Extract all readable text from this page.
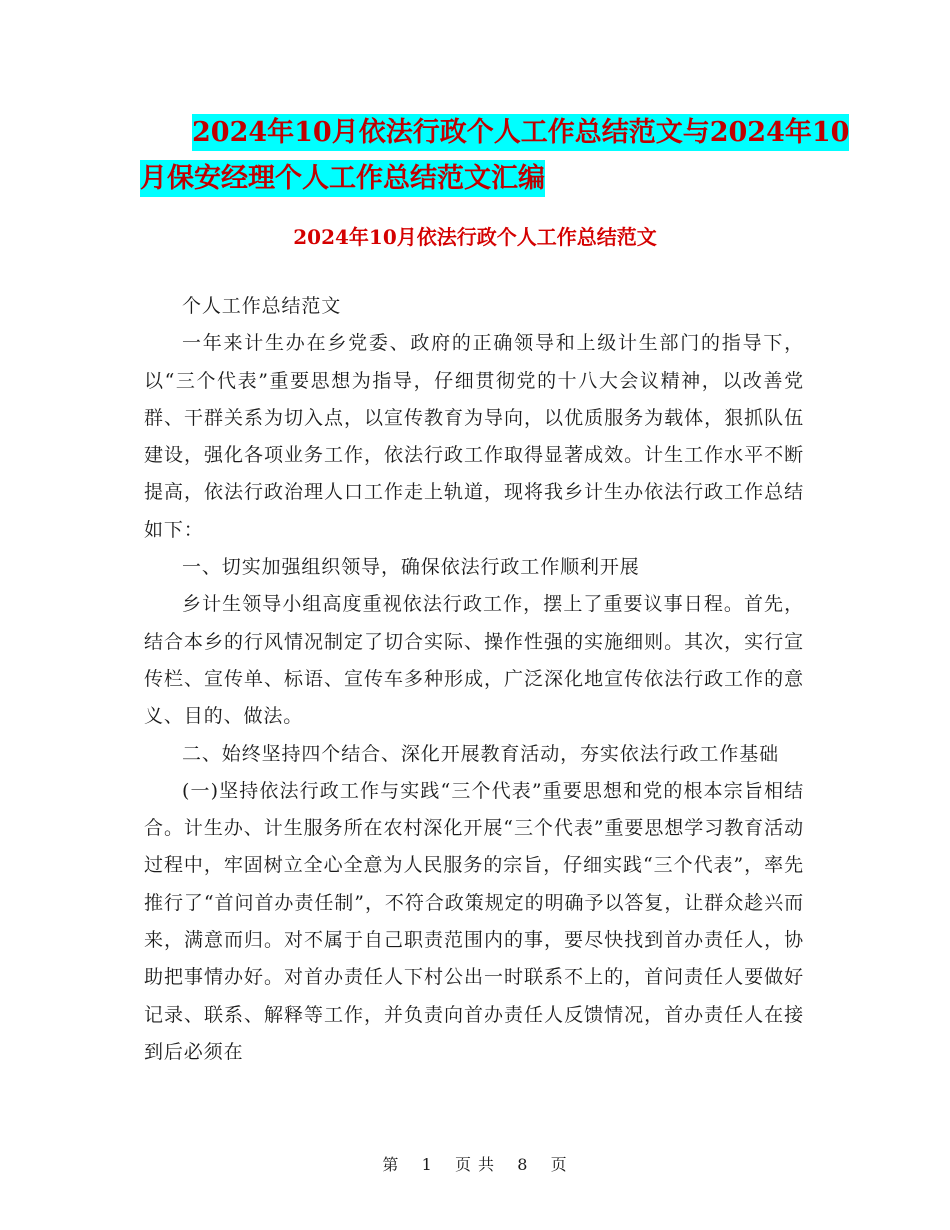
2024年10月依法行政个人工作总结范文与2024年10
月保安经理个人工作总结范文汇编
2024年10月依法行政个人工作总结范文

个人工作总结范文

一年来计生办在乡党委、政府的正确领导和上级计生部门的指导下，以“三个代表”重要思想为指导，仔细贯彻党的十八大会议精神，以改善党群、干群关系为切入点，以宣传教育为导向，以优质服务为载体，狠抓队伍建设，强化各项业务工作，依法行政工作取得显著成效。计生工作水平不断提高，依法行政治理人口工作走上轨道，现将我乡计生办依法行政工作总结如下：

一、切实加强组织领导，确保依法行政工作顺利开展

乡计生领导小组高度重视依法行政工作，摆上了重要议事日程。首先，结合本乡的行风情况制定了切合实际、操作性强的实施细则。其次，实行宣传栏、宣传单、标语、宣传车多种形成，广泛深化地宣传依法行政工作的意义、目的、做法。

二、始终坚持四个结合、深化开展教育活动，夯实依法行政工作基础

(一)坚持依法行政工作与实践“三个代表”重要思想和党的根本宗旨相结合。计生办、计生服务所在农村深化开展“三个代表”重要思想学习教育活动过程中，牢固树立全心全意为人民服务的宗旨，仔细实践“三个代表”，率先推行了“首问首办责任制”，不符合政策规定的明确予以答复，让群众趁兴而来，满意而归。对不属于自己职责范围内的事，要尽快找到首办责任人，协助把事情办好。对首办责任人下村公出一时联系不上的，首问责任人要做好记录、联系、解释等工作，并负责向首办责任人反馈情况，首办责任人在接到后必须在

第 1 页 共 8 页
